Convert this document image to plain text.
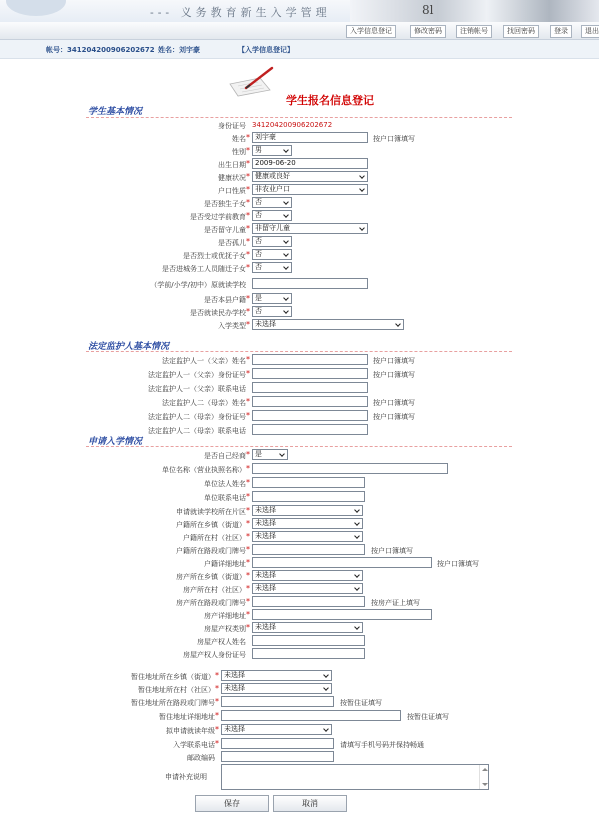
--- 义务教育新生入学管理	8l
入学信息登记	修改密码	注销帐号	找回密码	登录	退出
帐号：341204200906202672 姓名：刘宇豪	【入学信息登记】
学生报名信息登记
学生基本情况
身份证号 341204200906202672
姓名 * 刘宇豪	按户口簿填写
性别 * 男
出生日期 * 2009-06-20
健康状况 * 健康或良好
户口性质 * 非农业户口
是否独生子女 * 否
是否受过学前教育 * 否
是否留守儿童 * 非留守儿童
是否孤儿 * 否
是否烈士或优抚子女 * 否
是否进城务工人员随迁子女 * 否
（学前/小学/初中）原就读学校
是否本县户籍 * 是
是否就读民办学校 * 否
入学类型 * 未选择
法定监护人基本情况
法定监护人一（父亲）姓名 *	按户口簿填写
法定监护人一（父亲）身份证号 *	按户口簿填写
法定监护人一（父亲）联系电话
法定监护人二（母亲）姓名 *	按户口簿填写
法定监护人二（母亲）身份证号 *	按户口簿填写
法定监护人二（母亲）联系电话
申请入学情况
是否自己经商 * 是
单位名称（营业执照名称） *
单位法人姓名 *
单位联系电话 *
申请就读学校所在片区 * 未选择
户籍所在乡镇（街道） * 未选择
户籍所在村（社区） * 未选择
户籍所在路段或门牌号 *	按户口簿填写
户籍详细地址 *	按户口簿填写
房产所在乡镇（街道） * 未选择
房产所在村（社区） * 未选择
房产所在路段或门牌号 *	按房产证上填写
房产详细地址 *
房屋产权类别 * 未选择
房屋产权人姓名
房屋产权人身份证号
暂住地址所在乡镇（街道） * 未选择
暂住地址所在村（社区） * 未选择
暂住地址所在路段或门牌号 *	按暂住证填写
暂住地址详细地址 *	按暂住证填写
拟申请就读年级 * 未选择
入学联系电话 *	请填写手机号码并保持畅通
邮政编码
申请补充说明
保存	取消
